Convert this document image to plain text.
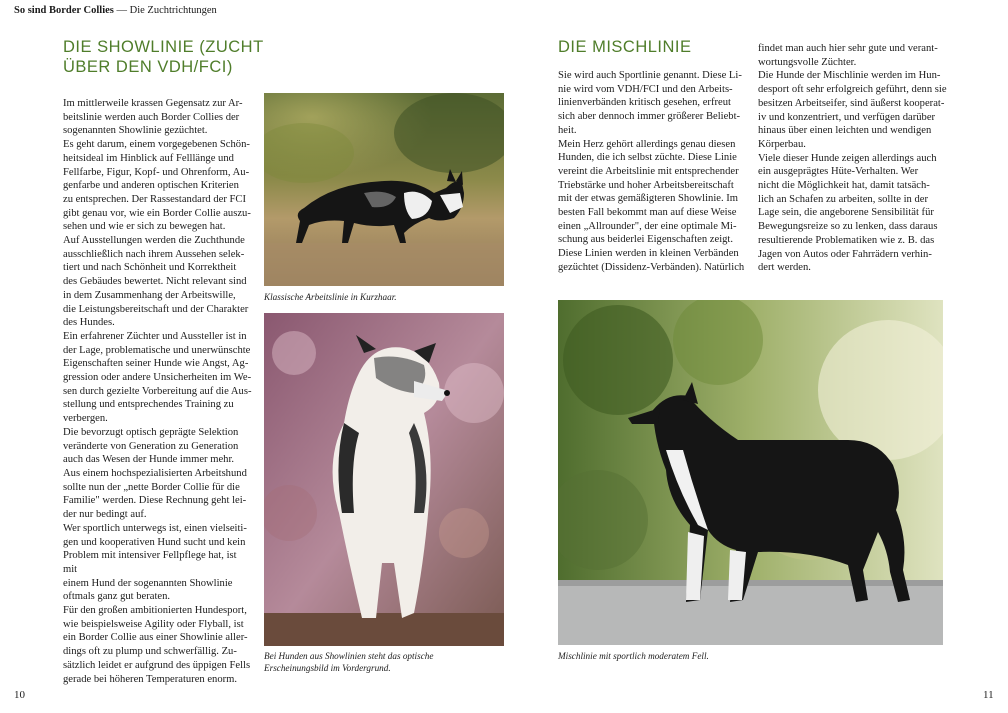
So sind Border Collies — Die Zuchtrichtungen
DIE SHOWLINIE (ZUCHT
ÜBER DEN VDH/FCI)
Im mittlerweile krassen Gegensatz zur Ar-
beitslinie werden auch Border Collies der
sogenannten Showlinie gezüchtet.
Es geht darum, einem vorgegebenen Schön-
heitsideal im Hinblick auf Felllänge und
Fellfarbe, Figur, Kopf- und Ohrenform, Au-
genfarbe und anderen optischen Kriterien
zu entsprechen. Der Rassestandard der FCI
gibt genau vor, wie ein Border Collie auszu-
sehen und wie er sich zu bewegen hat.
Auf Ausstellungen werden die Zuchthunde
ausschließlich nach ihrem Aussehen selek-
tiert und nach Schönheit und Korrektheit
des Gebäudes bewertet. Nicht relevant sind
in dem Zusammenhang der Arbeitswille,
die Leistungsbereitschaft und der Charakter
des Hundes.
Ein erfahrener Züchter und Aussteller ist in
der Lage, problematische und unerwünschte
Eigenschaften seiner Hunde wie Angst, Ag-
gression oder andere Unsicherheiten im We-
sen durch gezielte Vorbereitung auf die Aus-
stellung und entsprechendes Training zu
verbergen.
Die bevorzugt optisch geprägte Selektion
veränderte von Generation zu Generation
auch das Wesen der Hunde immer mehr.
Aus einem hochspezialisierten Arbeitshund
sollte nun der „nette Border Collie für die
Familie" werden. Diese Rechnung geht lei-
der nur bedingt auf.
Wer sportlich unterwegs ist, einen vielseiti-
gen und kooperativen Hund sucht und kein
Problem mit intensiver Fellpflege hat, ist mit
einem Hund der sogenannten Showlinie
oftmals ganz gut beraten.
Für den großen ambitionierten Hundesport,
wie beispielsweise Agility oder Flyball, ist
ein Border Collie aus einer Showlinie aller-
dings oft zu plump und schwerfällig. Zu-
sätzlich leidet er aufgrund des üppigen Fells
gerade bei höheren Temperaturen enorm.
Klassische Arbeitslinie in Kurzhaar.
Bei Hunden aus Showlinien steht das optische
Erscheinungsbild im Vordergrund.
DIE MISCHLINIE
Sie wird auch Sportlinie genannt. Diese Li-
nie wird vom VDH/FCI und den Arbeits-
linienverbänden kritisch gesehen, erfreut
sich aber dennoch immer größerer Beliebt-
heit.
Mein Herz gehört allerdings genau diesen
Hunden, die ich selbst züchte. Diese Linie
vereint die Arbeitslinie mit entsprechender
Triebstärke und hoher Arbeitsbereitschaft
mit der etwas gemäßigteren Showlinie. Im
besten Fall bekommt man auf diese Weise
einen „Allrounder", der eine optimale Mi-
schung aus beiderlei Eigenschaften zeigt.
Diese Linien werden in kleinen Verbänden
gezüchtet (Dissidenz-Verbänden). Natürlich
findet man auch hier sehr gute und verant-
wortungsvolle Züchter.
Die Hunde der Mischlinie werden im Hun-
desport oft sehr erfolgreich geführt, denn sie
besitzen Arbeitseifer, sind äußerst kooperat-
iv und konzentriert, und verfügen darüber
hinaus über einen leichten und wendigen
Körperbau.
Viele dieser Hunde zeigen allerdings auch
ein ausgeprägtes Hüte-Verhalten. Wer
nicht die Möglichkeit hat, damit tatsäch-
lich an Schafen zu arbeiten, sollte in der
Lage sein, die angeborene Sensibilität für
Bewegungsreize so zu lenken, dass daraus
resultierende Problematiken wie z. B. das
Jagen von Autos oder Fahrrädern verhin-
dert werden.
Mischlinie mit sportlich moderatem Fell.
10	11
